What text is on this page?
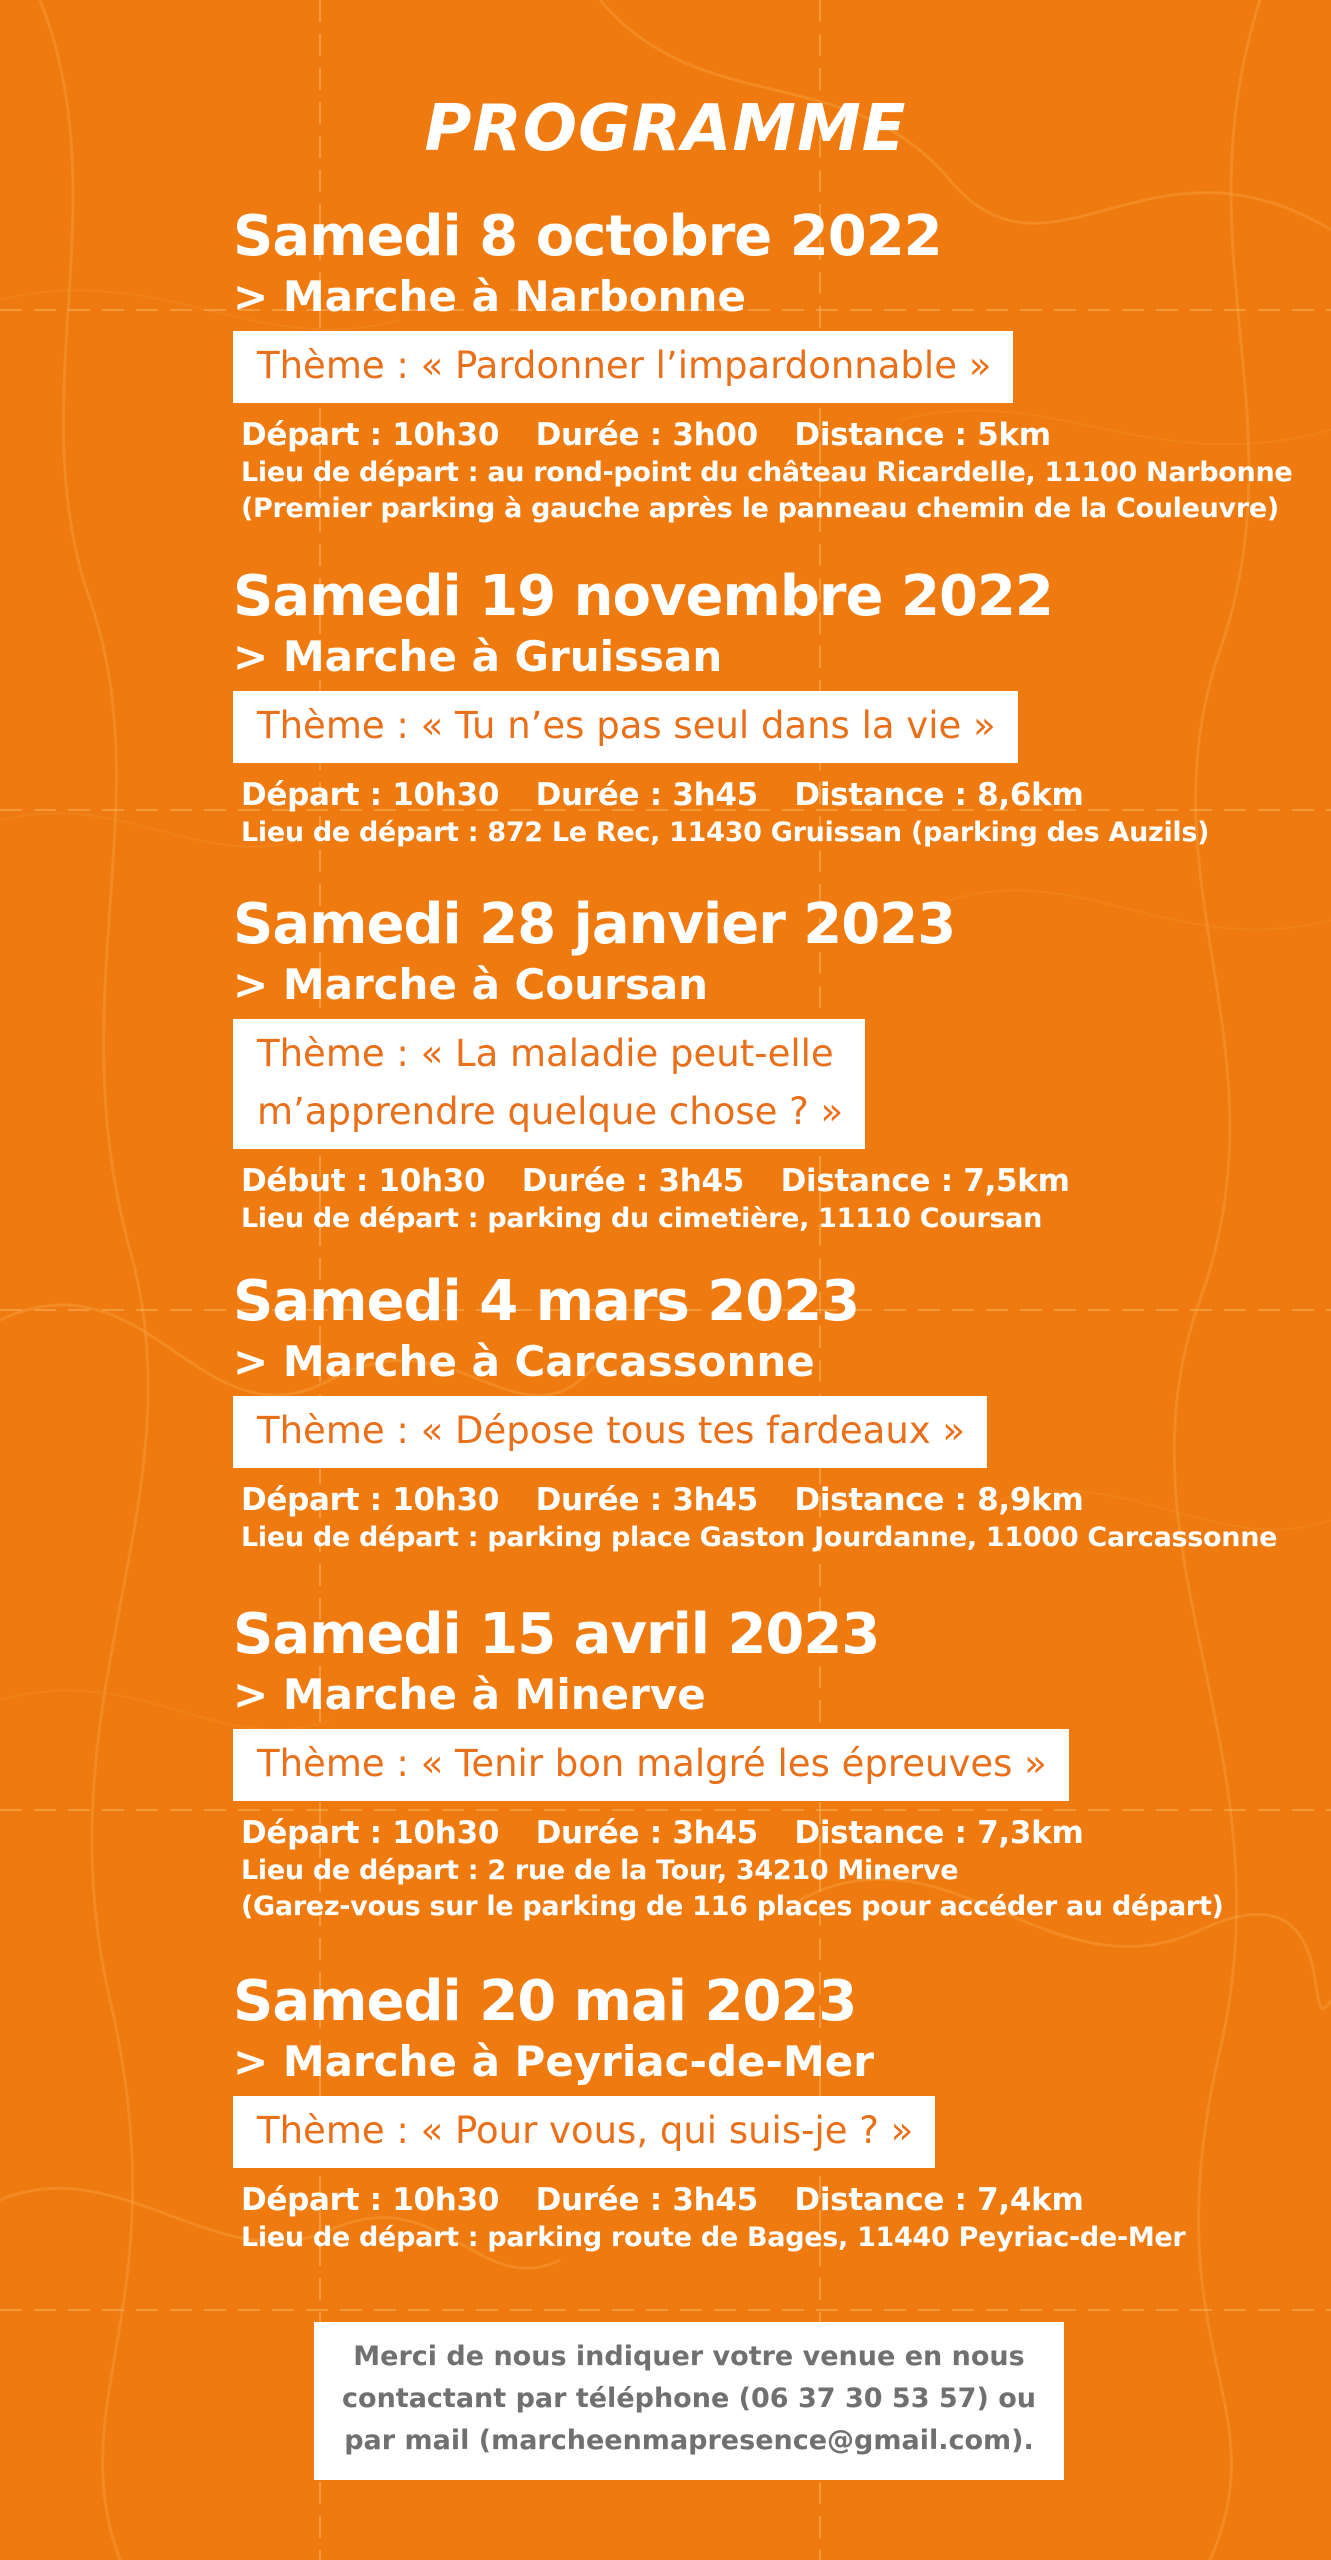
PROGRAMME
Samedi 8 octobre 2022
> Marche à Narbonne
Thème : « Pardonner l’impardonnable »
Départ : 10h30 Durée : 3h00 Distance : 5km
Lieu de départ : au rond-point du château Ricardelle, 11100 Narbonne
(Premier parking à gauche après le panneau chemin de la Couleuvre)
Samedi 19 novembre 2022
> Marche à Gruissan
Thème : « Tu n’es pas seul dans la vie »
Départ : 10h30 Durée : 3h45 Distance : 8,6km
Lieu de départ : 872 Le Rec, 11430 Gruissan (parking des Auzils)
Samedi 28 janvier 2023
> Marche à Coursan
Thème : « La maladie peut-elle
m’apprendre quelque chose ? »
Début : 10h30 Durée : 3h45 Distance : 7,5km
Lieu de départ : parking du cimetière, 11110 Coursan
Samedi 4 mars 2023
> Marche à Carcassonne
Thème : « Dépose tous tes fardeaux »
Départ : 10h30 Durée : 3h45 Distance : 8,9km
Lieu de départ : parking place Gaston Jourdanne, 11000 Carcassonne
Samedi 15 avril 2023
> Marche à Minerve
Thème : « Tenir bon malgré les épreuves »
Départ : 10h30 Durée : 3h45 Distance : 7,3km
Lieu de départ : 2 rue de la Tour, 34210 Minerve
(Garez-vous sur le parking de 116 places pour accéder au départ)
Samedi 20 mai 2023
> Marche à Peyriac-de-Mer
Thème : « Pour vous, qui suis-je ? »
Départ : 10h30 Durée : 3h45 Distance : 7,4km
Lieu de départ : parking route de Bages, 11440 Peyriac-de-Mer
Merci de nous indiquer votre venue en nous
contactant par téléphone (06 37 30 53 57) ou
par mail (marcheenmapresence@gmail.com).
